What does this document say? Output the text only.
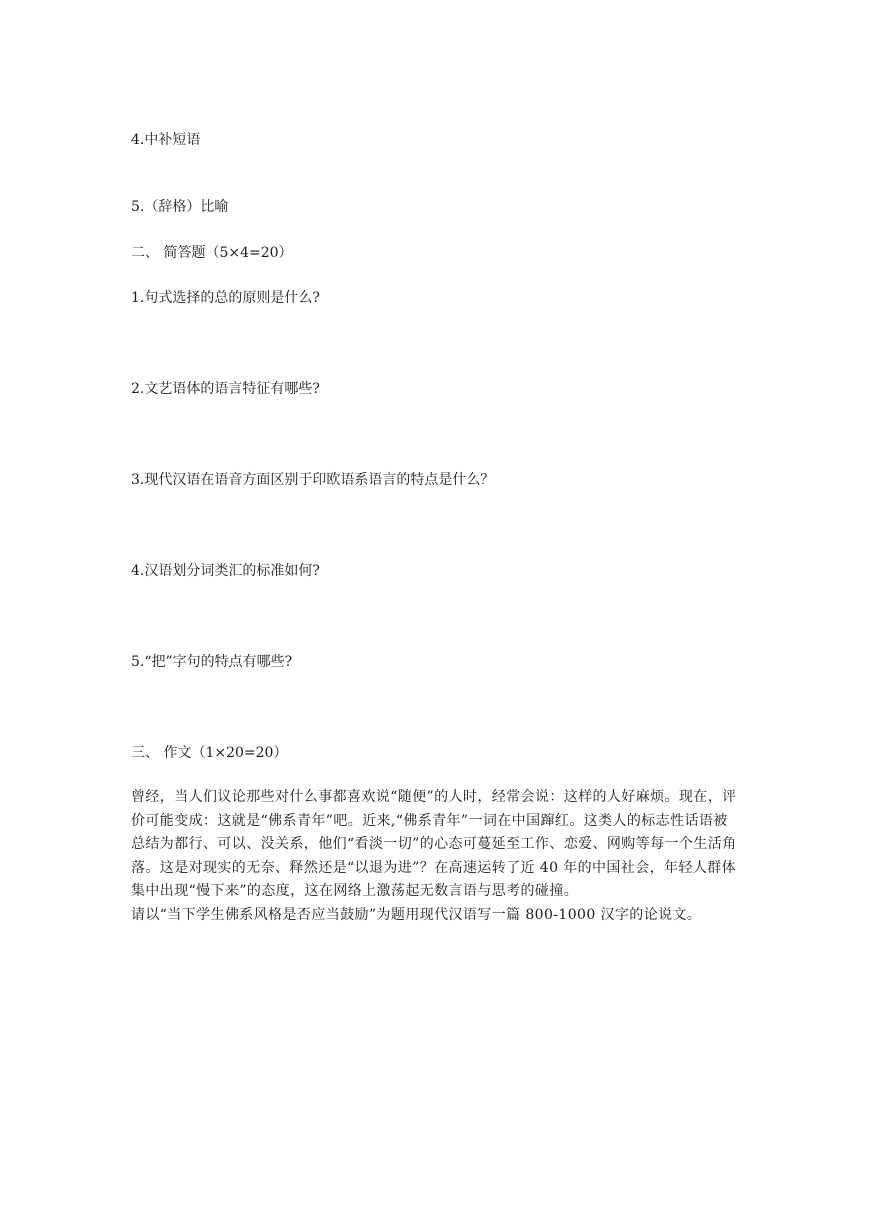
4.中补短语
5.（辞格）比喻
二、 简答题（5×4=20）
1.句式选择的总的原则是什么?
2.文艺语体的语言特征有哪些?
3.现代汉语在语音方面区别于印欧语系语言的特点是什么？
4.汉语划分词类汇的标准如何?
5.“把”字句的特点有哪些?
三、 作文（1×20=20）

曾经，当人们议论那些对什么事都喜欢说“随便”的人时，经常会说：这样的人好麻烦。现在，评价可能变成：这就是“佛系青年”吧。近来,“佛系青年”一词在中国蹿红。这类人的标志性话语被总结为都行、可以、没关系，他们“看淡一切”的心态可蔓延至工作、恋爱、网购等每一个生活角落。这是对现实的无奈、释然还是“以退为进”？在高速运转了近 40 年的中国社会，年轻人群体集中出现“慢下来”的态度，这在网络上激荡起无数言语与思考的碰撞。

请以“当下学生佛系风格是否应当鼓励”为题用现代汉语写一篇 800-1000 汉字的论说文。
